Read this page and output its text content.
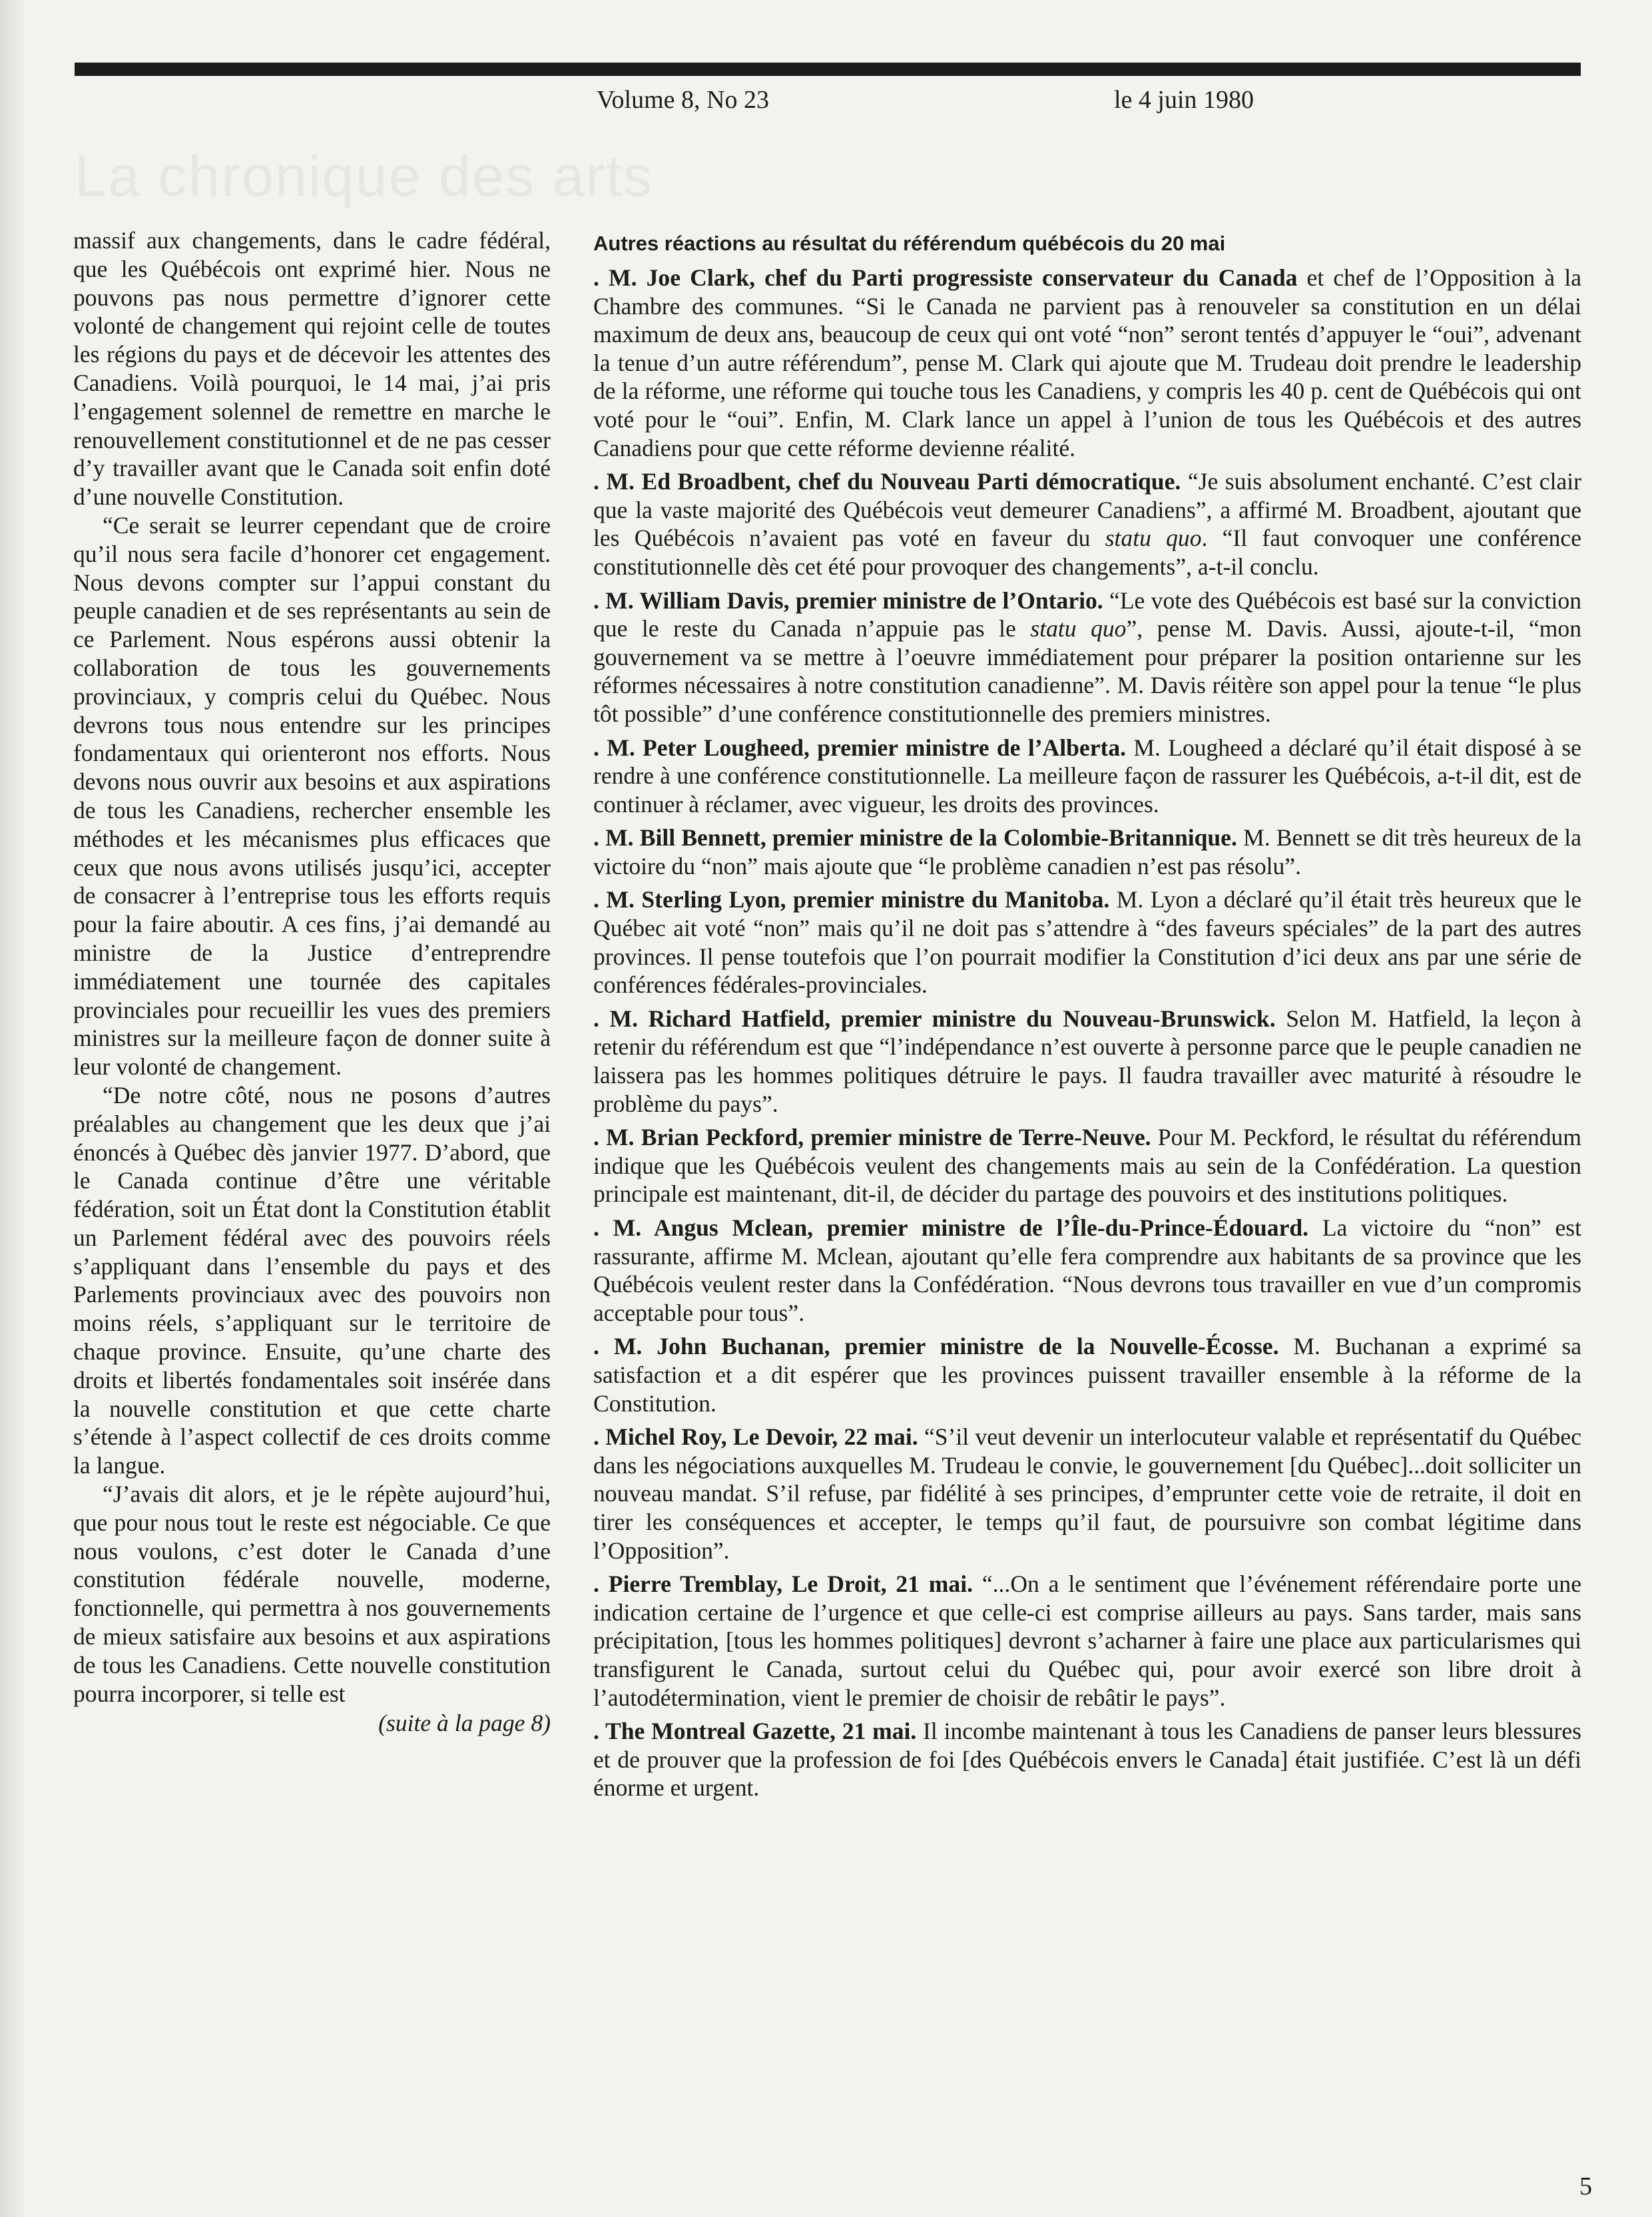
Volume 8, No 23	le 4 juin 1980
La chronique des arts

massif aux changements, dans le cadre fédéral, que les Québécois ont exprimé hier. Nous ne pouvons pas nous permettre d’ignorer cette volonté de changement qui rejoint celle de toutes les régions du pays et de décevoir les attentes des Canadiens. Voilà pourquoi, le 14 mai, j’ai pris l’engagement solennel de remettre en marche le renouvellement constitutionnel et de ne pas cesser d’y travailler avant que le Canada soit enfin doté d’une nouvelle Constitution.

“Ce serait se leurrer cependant que de croire qu’il nous sera facile d’honorer cet engagement. Nous devons compter sur l’appui constant du peuple canadien et de ses représentants au sein de ce Parlement. Nous espérons aussi obtenir la collaboration de tous les gouvernements provinciaux, y compris celui du Québec. Nous devrons tous nous entendre sur les principes fondamentaux qui orienteront nos efforts. Nous devons nous ouvrir aux besoins et aux aspirations de tous les Canadiens, rechercher ensemble les méthodes et les mécanismes plus efficaces que ceux que nous avons utilisés jusqu’ici, accepter de consacrer à l’entreprise tous les efforts requis pour la faire aboutir. A ces fins, j’ai demandé au ministre de la Justice d’entreprendre immédiatement une tournée des capitales provinciales pour recueillir les vues des premiers ministres sur la meilleure façon de donner suite à leur volonté de changement.

“De notre côté, nous ne posons d’autres préalables au changement que les deux que j’ai énoncés à Québec dès janvier 1977. D’abord, que le Canada continue d’être une véritable fédération, soit un État dont la Constitution établit un Parlement fédéral avec des pouvoirs réels s’appliquant dans l’ensemble du pays et des Parlements provinciaux avec des pouvoirs non moins réels, s’appliquant sur le territoire de chaque province. Ensuite, qu’une charte des droits et libertés fondamentales soit insérée dans la nouvelle constitution et que cette charte s’étende à l’aspect collectif de ces droits comme la langue.

“J’avais dit alors, et je le répète aujourd’hui, que pour nous tout le reste est négociable. Ce que nous voulons, c’est doter le Canada d’une constitution fédérale nouvelle, moderne, fonctionnelle, qui permettra à nos gouvernements de mieux satisfaire aux besoins et aux aspirations de tous les Canadiens. Cette nouvelle constitution pourra incorporer, si telle est

(suite à la page 8)

Autres réactions au résultat du référendum québécois du 20 mai

. M. Joe Clark, chef du Parti progressiste conservateur du Canada et chef de l’Opposition à la Chambre des communes. “Si le Canada ne parvient pas à renouveler sa constitution en un délai maximum de deux ans, beaucoup de ceux qui ont voté “non” seront tentés d’appuyer le “oui”, advenant la tenue d’un autre référendum”, pense M. Clark qui ajoute que M. Trudeau doit prendre le leadership de la réforme, une réforme qui touche tous les Canadiens, y compris les 40 p. cent de Québécois qui ont voté pour le “oui”. Enfin, M. Clark lance un appel à l’union de tous les Québécois et des autres Canadiens pour que cette réforme devienne réalité.

. M. Ed Broadbent, chef du Nouveau Parti démocratique. “Je suis absolument enchanté. C’est clair que la vaste majorité des Québécois veut demeurer Canadiens”, a affirmé M. Broadbent, ajoutant que les Québécois n’avaient pas voté en faveur du statu quo. “Il faut convoquer une conférence constitutionnelle dès cet été pour provoquer des changements”, a-t-il conclu.

. M. William Davis, premier ministre de l’Ontario. “Le vote des Québécois est basé sur la conviction que le reste du Canada n’appuie pas le statu quo”, pense M. Davis. Aussi, ajoute-t-il, “mon gouvernement va se mettre à l’oeuvre immédiatement pour préparer la position ontarienne sur les réformes nécessaires à notre constitution canadienne”. M. Davis réitère son appel pour la tenue “le plus tôt possible” d’une conférence constitutionnelle des premiers ministres.

. M. Peter Lougheed, premier ministre de l’Alberta. M. Lougheed a déclaré qu’il était disposé à se rendre à une conférence constitutionnelle. La meilleure façon de rassurer les Québécois, a-t-il dit, est de continuer à réclamer, avec vigueur, les droits des provinces.

. M. Bill Bennett, premier ministre de la Colombie-Britannique. M. Bennett se dit très heureux de la victoire du “non” mais ajoute que “le problème canadien n’est pas résolu”.

. M. Sterling Lyon, premier ministre du Manitoba. M. Lyon a déclaré qu’il était très heureux que le Québec ait voté “non” mais qu’il ne doit pas s’attendre à “des faveurs spéciales” de la part des autres provinces. Il pense toutefois que l’on pourrait modifier la Constitution d’ici deux ans par une série de conférences fédérales-provinciales.

. M. Richard Hatfield, premier ministre du Nouveau-Brunswick. Selon M. Hatfield, la leçon à retenir du référendum est que “l’indépendance n’est ouverte à personne parce que le peuple canadien ne laissera pas les hommes politiques détruire le pays. Il faudra travailler avec maturité à résoudre le problème du pays”.

. M. Brian Peckford, premier ministre de Terre-Neuve. Pour M. Peckford, le résultat du référendum indique que les Québécois veulent des changements mais au sein de la Confédération. La question principale est maintenant, dit-il, de décider du partage des pouvoirs et des institutions politiques.

. M. Angus Mclean, premier ministre de l’Île-du-Prince-Édouard. La victoire du “non” est rassurante, affirme M. Mclean, ajoutant qu’elle fera comprendre aux habitants de sa province que les Québécois veulent rester dans la Confédération. “Nous devrons tous travailler en vue d’un compromis acceptable pour tous”.

. M. John Buchanan, premier ministre de la Nouvelle-Écosse. M. Buchanan a exprimé sa satisfaction et a dit espérer que les provinces puissent travailler ensemble à la réforme de la Constitution.

. Michel Roy, Le Devoir, 22 mai. “S’il veut devenir un interlocuteur valable et représentatif du Québec dans les négociations auxquelles M. Trudeau le convie, le gouvernement [du Québec]...doit solliciter un nouveau mandat. S’il refuse, par fidélité à ses principes, d’emprunter cette voie de retraite, il doit en tirer les conséquences et accepter, le temps qu’il faut, de poursuivre son combat légitime dans l’Opposition”.

. Pierre Tremblay, Le Droit, 21 mai. “...On a le sentiment que l’événement référendaire porte une indication certaine de l’urgence et que celle-ci est comprise ailleurs au pays. Sans tarder, mais sans précipitation, [tous les hommes politiques] devront s’acharner à faire une place aux particularismes qui transfigurent le Canada, surtout celui du Québec qui, pour avoir exercé son libre droit à l’autodétermination, vient le premier de choisir de rebâtir le pays”.

. The Montreal Gazette, 21 mai. Il incombe maintenant à tous les Canadiens de panser leurs blessures et de prouver que la profession de foi [des Québécois envers le Canada] était justifiée. C’est là un défi énorme et urgent.

5
